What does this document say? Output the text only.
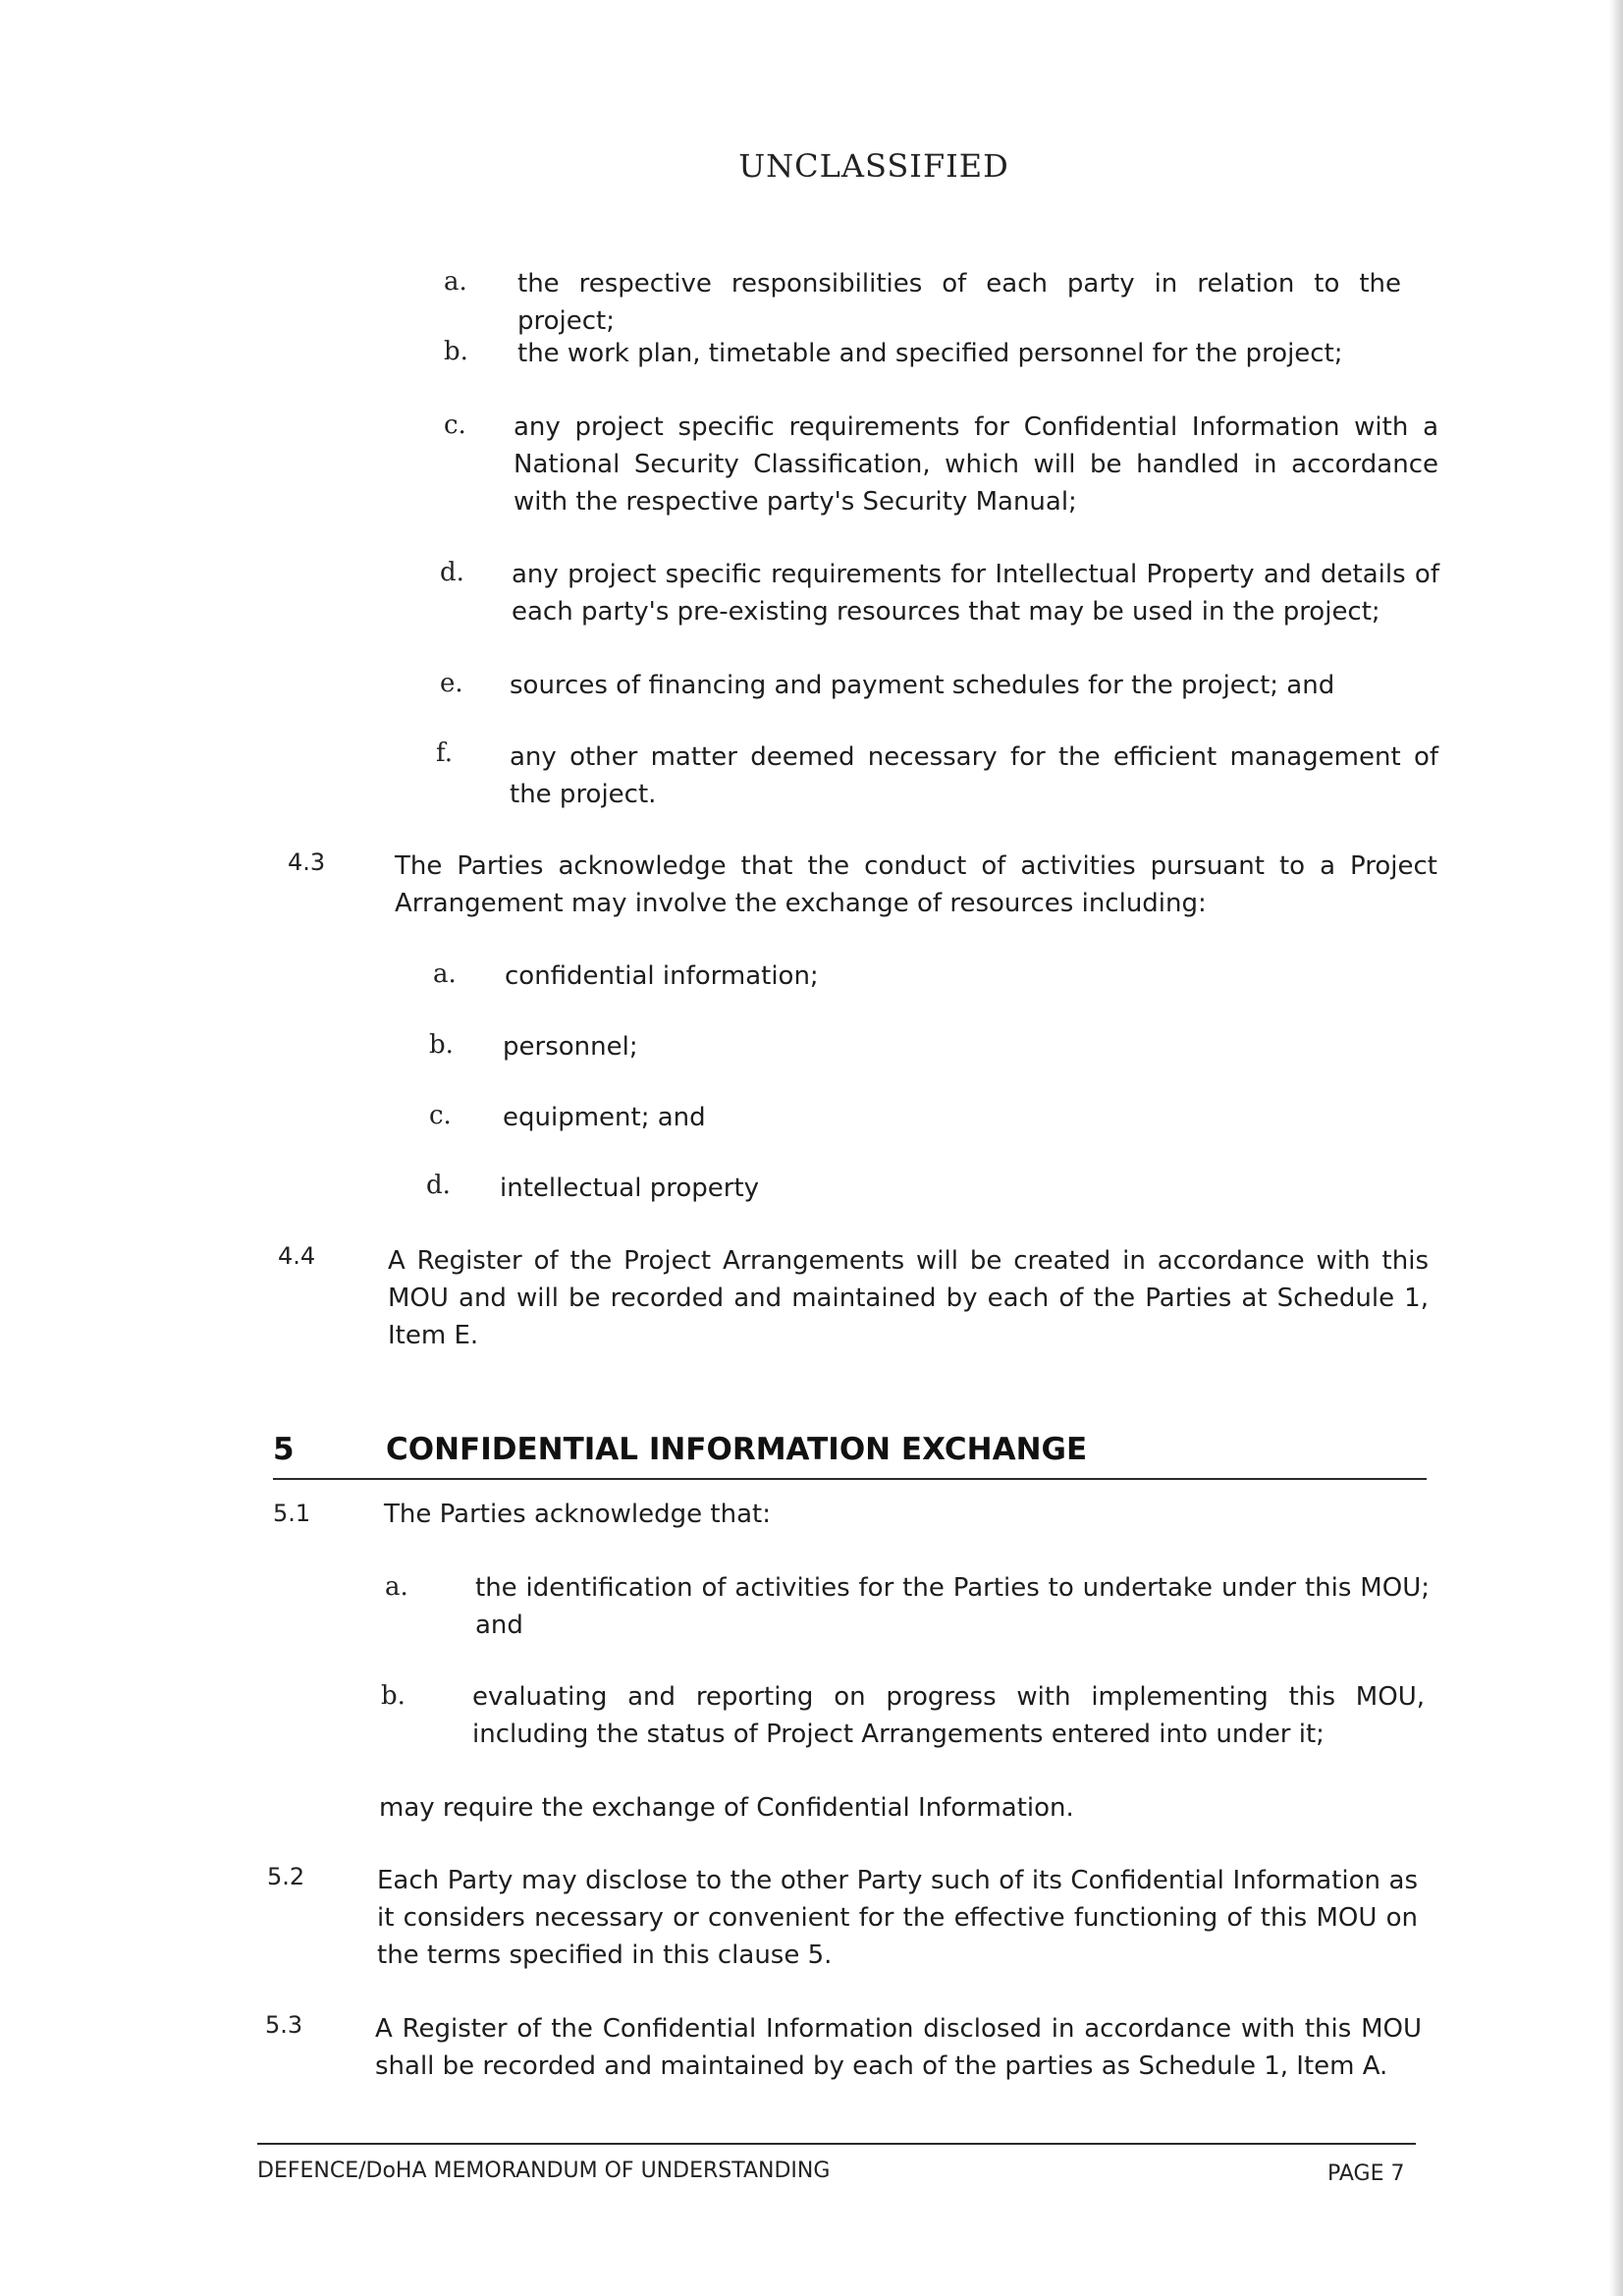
UNCLASSIFIED
a. the respective responsibilities of each party in relation to the project;
b. the work plan, timetable and specified personnel for the project;
c. any project specific requirements for Confidential Information with a National Security Classification, which will be handled in accordance with the respective party's Security Manual;
d. any project specific requirements for Intellectual Property and details of each party's pre-existing resources that may be used in the project;
e. sources of financing and payment schedules for the project; and
f. any other matter deemed necessary for the efficient management of the project.
4.3	The Parties acknowledge that the conduct of activities pursuant to a Project Arrangement may involve the exchange of resources including:
a. confidential information;
b. personnel;
c. equipment; and
d. intellectual property
4.4	A Register of the Project Arrangements will be created in accordance with this MOU and will be recorded and maintained by each of the Parties at Schedule 1, Item E.
5	CONFIDENTIAL INFORMATION EXCHANGE
5.1	The Parties acknowledge that:
a.	the identification of activities for the Parties to undertake under this MOU; and
b.	evaluating and reporting on progress with implementing this MOU, including the status of Project Arrangements entered into under it;
may require the exchange of Confidential Information.
5.2	Each Party may disclose to the other Party such of its Confidential Information as it considers necessary or convenient for the effective functioning of this MOU on the terms specified in this clause 5.
5.3	A Register of the Confidential Information disclosed in accordance with this MOU shall be recorded and maintained by each of the parties as Schedule 1, Item A.
DEFENCE/DoHA MEMORANDUM OF UNDERSTANDING	PAGE 7
